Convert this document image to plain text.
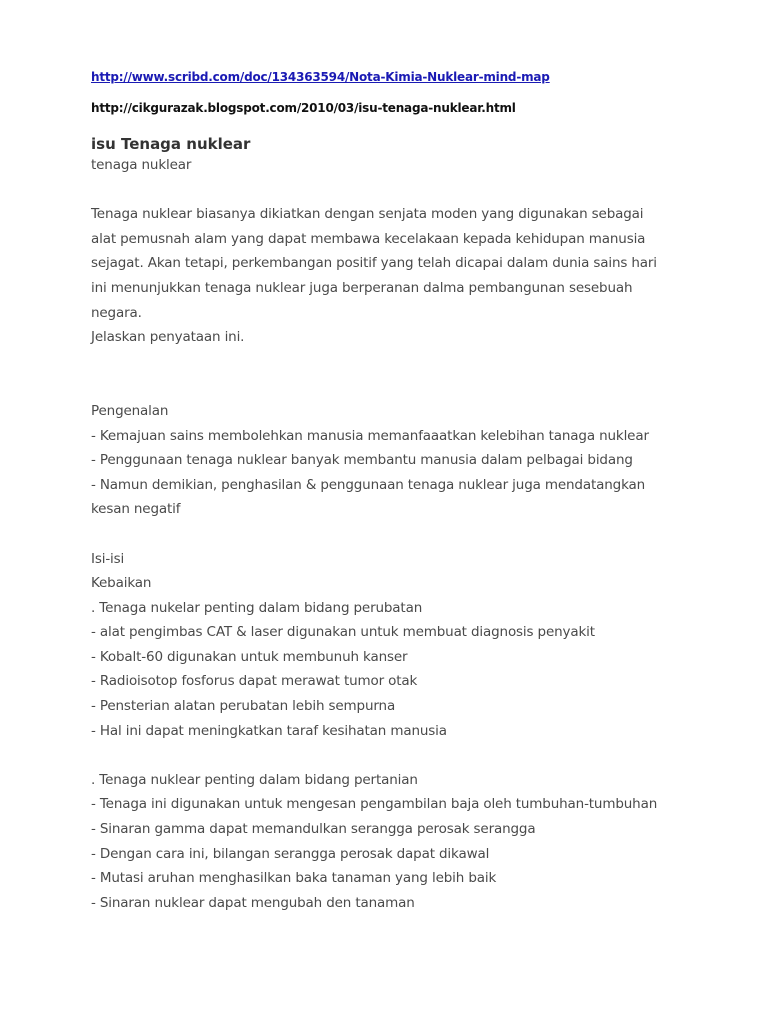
http://www.scribd.com/doc/134363594/Nota-Kimia-Nuklear-mind-map
http://cikgurazak.blogspot.com/2010/03/isu-tenaga-nuklear.html
isu Tenaga nuklear
tenaga nuklear
Tenaga nuklear biasanya dikiatkan dengan senjata moden yang digunakan sebagai
alat pemusnah alam yang dapat membawa kecelakaan kepada kehidupan manusia
sejagat. Akan tetapi, perkembangan positif yang telah dicapai dalam dunia sains hari
ini menunjukkan tenaga nuklear juga berperanan dalma pembangunan sesebuah
negara.
Jelaskan penyataan ini.
Pengenalan
- Kemajuan sains membolehkan manusia memanfaaatkan kelebihan tanaga nuklear
- Penggunaan tenaga nuklear banyak membantu manusia dalam pelbagai bidang
- Namun demikian, penghasilan & penggunaan tenaga nuklear juga mendatangkan
kesan negatif
Isi-isi
Kebaikan
. Tenaga nukelar penting dalam bidang perubatan
- alat pengimbas CAT & laser digunakan untuk membuat diagnosis penyakit
- Kobalt-60 digunakan untuk membunuh kanser
- Radioisotop fosforus dapat merawat tumor otak
- Pensterian alatan perubatan lebih sempurna
- Hal ini dapat meningkatkan taraf kesihatan manusia
. Tenaga nuklear penting dalam bidang pertanian
- Tenaga ini digunakan untuk mengesan pengambilan baja oleh tumbuhan-tumbuhan
- Sinaran gamma dapat memandulkan serangga perosak serangga
- Dengan cara ini, bilangan serangga perosak dapat dikawal
- Mutasi aruhan menghasilkan baka tanaman yang lebih baik
- Sinaran nuklear dapat mengubah den tanaman
